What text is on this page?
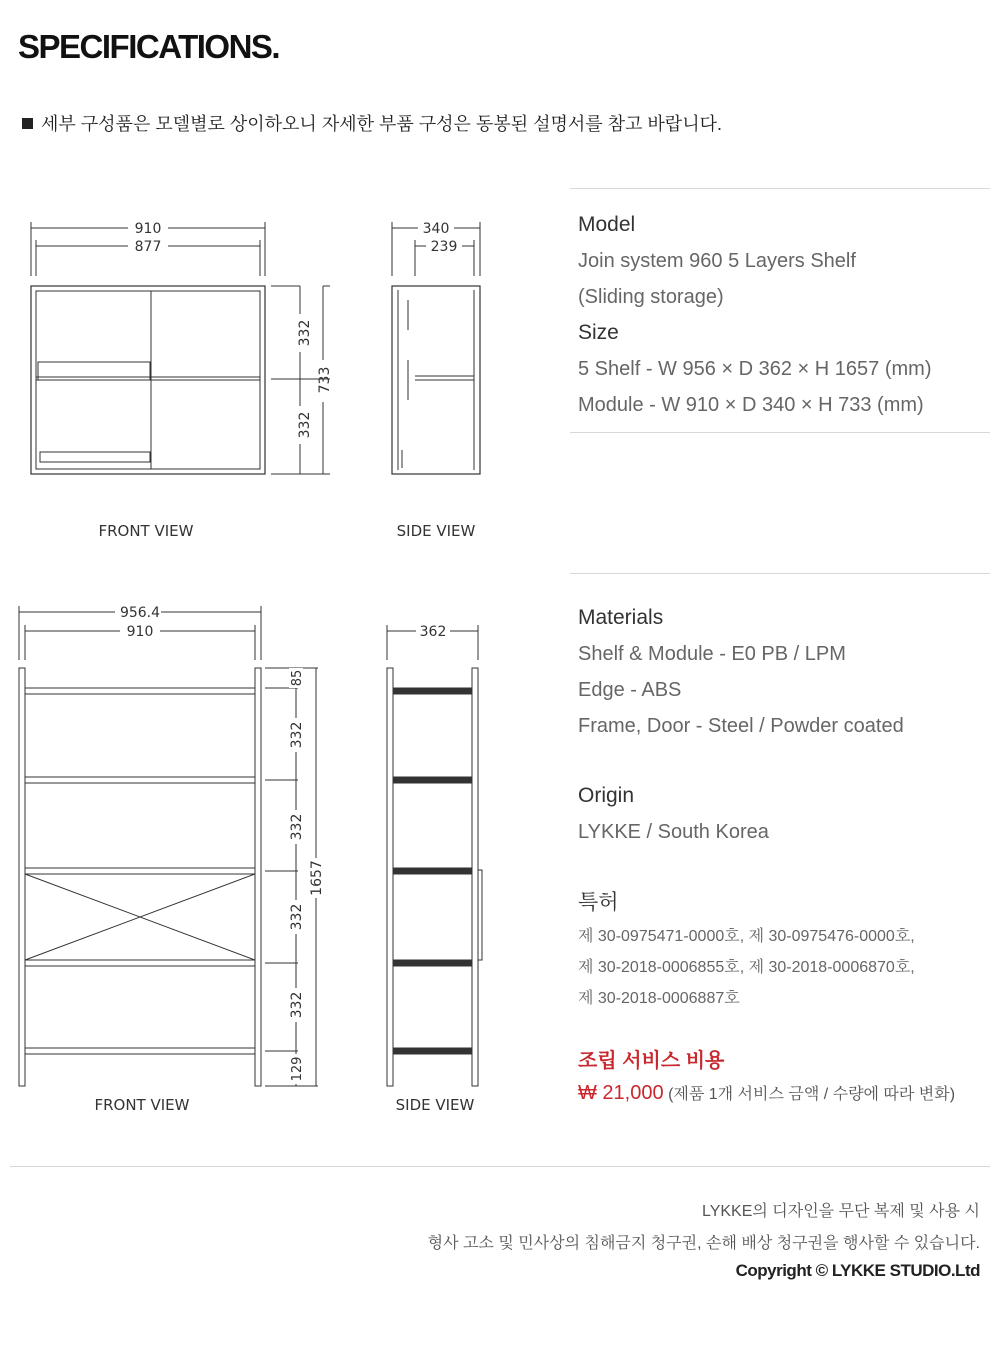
SPECIFICATIONS.
세부 구성품은 모델별로 상이하오니 자세한 부품 구성은 동봉된 설명서를 참고 바랍니다.
910
877
332
332
733
FRONT VIEW
340
239
SIDE VIEW
956.4
910
85
332
332
332
332
129
1657
FRONT VIEW
362
SIDE VIEW
Model
Join system 960 5 Layers Shelf
(Sliding storage)
Size
5 Shelf - W 956 × D 362 × H 1657 (mm)
Module - W 910 × D 340 × H 733 (mm)
Materials
Shelf & Module - E0 PB / LPM
Edge - ABS
Frame, Door - Steel / Powder coated
Origin
LYKKE / South Korea
특허
제 30-0975471-0000호, 제 30-0975476-0000호,
제 30-2018-0006855호, 제 30-2018-0006870호,
제 30-2018-0006887호
조립 서비스 비용
₩ 21,000 (제품 1개 서비스 금액 / 수량에 따라 변화)
LYKKE의 디자인을 무단 복제 및 사용 시
형사 고소 및 민사상의 침해금지 청구권, 손해 배상 청구권을 행사할 수 있습니다.
Copyright © LYKKE STUDIO.Ltd
